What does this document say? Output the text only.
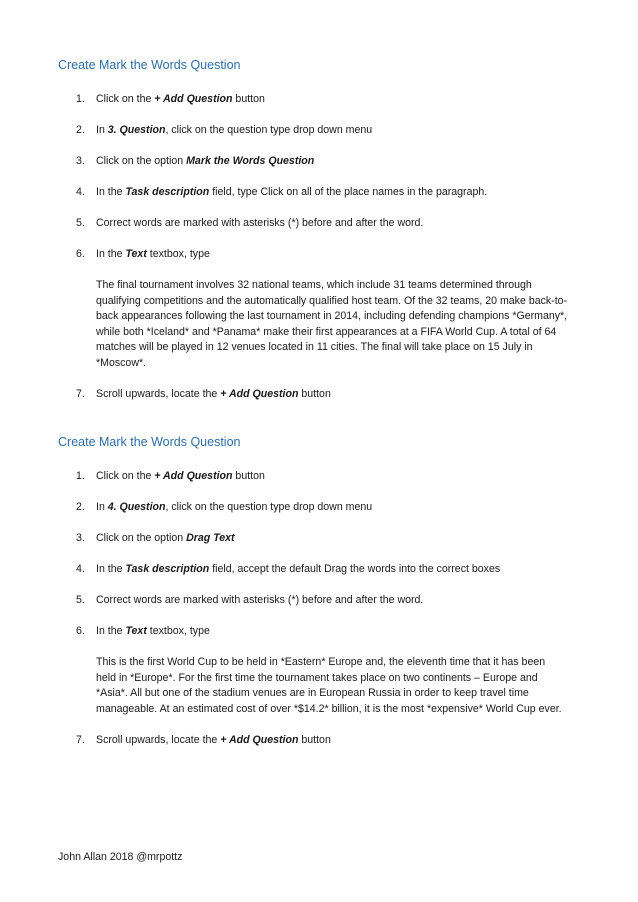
Create Mark the Words Question
1.	Click on the + Add Question button
2.	In 3. Question, click on the question type drop down menu
3.	Click on the option Mark the Words Question
4.	In the Task description field, type Click on all of the place names in the paragraph.
5.	Correct words are marked with asterisks (*) before and after the word.
6.	In the Text textbox, type

The final tournament involves 32 national teams, which include 31 teams determined through qualifying competitions and the automatically qualified host team. Of the 32 teams, 20 make back-to-back appearances following the last tournament in 2014, including defending champions *Germany*, while both *Iceland* and *Panama* make their first appearances at a FIFA World Cup. A total of 64 matches will be played in 12 venues located in 11 cities. The final will take place on 15 July in *Moscow*.

7.	Scroll upwards, locate the + Add Question button
Create Mark the Words Question
1.	Click on the + Add Question button
2.	In 4. Question, click on the question type drop down menu
3.	Click on the option Drag Text
4.	In the Task description field, accept the default Drag the words into the correct boxes
5.	Correct words are marked with asterisks (*) before and after the word.
6.	In the Text textbox, type

This is the first World Cup to be held in *Eastern* Europe and, the eleventh time that it has been held in *Europe*. For the first time the tournament takes place on two continents – Europe and *Asia*. All but one of the stadium venues are in European Russia in order to keep travel time manageable. At an estimated cost of over *$14.2* billion, it is the most *expensive* World Cup ever.

7.	Scroll upwards, locate the + Add Question button
John Allan 2018 @mrpottz
